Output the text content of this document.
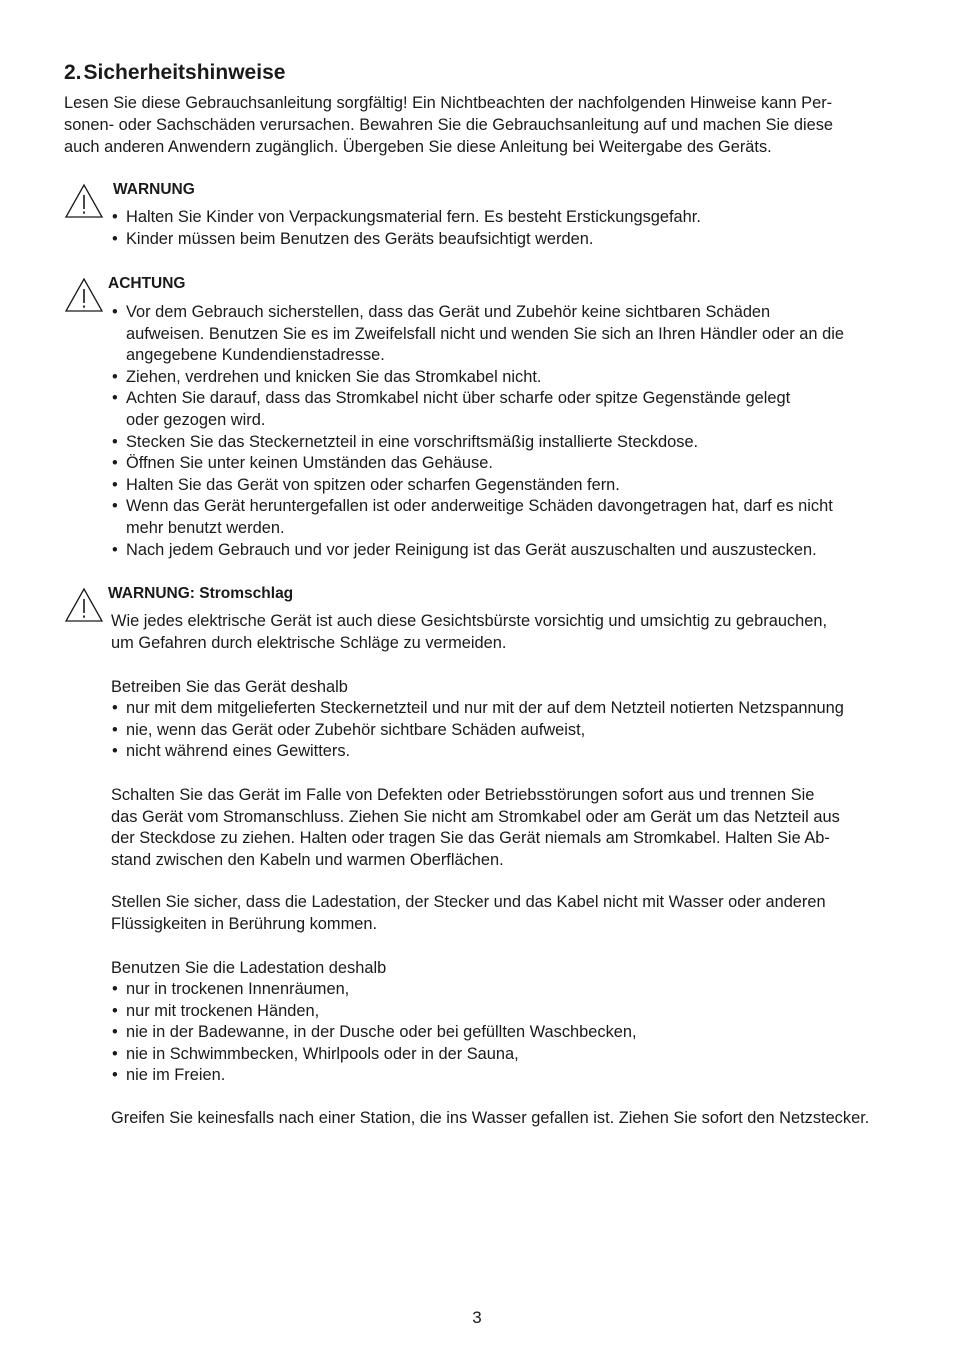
2.Sicherheitshinweise

Lesen Sie diese Gebrauchsanleitung sorgfältig! Ein Nichtbeachten der nachfolgenden Hinweise kann Per-
sonen- oder Sachschäden verursachen. Bewahren Sie die Gebrauchsanleitung auf und machen Sie diese
auch anderen Anwendern zugänglich. Übergeben Sie diese Anleitung bei Weitergabe des Geräts.

WARNUNG
• Halten Sie Kinder von Verpackungsmaterial fern. Es besteht Erstickungsgefahr.
• Kinder müssen beim Benutzen des Geräts beaufsichtigt werden.
ACHTUNG
• Vor dem Gebrauch sicherstellen, dass das Gerät und Zubehör keine sichtbaren Schäden
aufweisen. Benutzen Sie es im Zweifelsfall nicht und wenden Sie sich an Ihren Händler oder an die
angegebene Kundendienstadresse.
• Ziehen, verdrehen und knicken Sie das Stromkabel nicht.
• Achten Sie darauf, dass das Stromkabel nicht über scharfe oder spitze Gegenstände gelegt
oder gezogen wird.
• Stecken Sie das Steckernetzteil in eine vorschriftsmäßig installierte Steckdose.
• Öffnen Sie unter keinen Umständen das Gehäuse.
• Halten Sie das Gerät von spitzen oder scharfen Gegenständen fern.
• Wenn das Gerät heruntergefallen ist oder anderweitige Schäden davongetragen hat, darf es nicht
mehr benutzt werden.
• Nach jedem Gebrauch und vor jeder Reinigung ist das Gerät auszuschalten und auszustecken.
WARNUNG: Stromschlag

Wie jedes elektrische Gerät ist auch diese Gesichtsbürste vorsichtig und umsichtig zu gebrauchen,
um Gefahren durch elektrische Schläge zu vermeiden.

Betreiben Sie das Gerät deshalb

• nur mit dem mitgelieferten Steckernetzteil und nur mit der auf dem Netzteil notierten Netzspannung
• nie, wenn das Gerät oder Zubehör sichtbare Schäden aufweist,
• nicht während eines Gewitters.

Schalten Sie das Gerät im Falle von Defekten oder Betriebsstörungen sofort aus und trennen Sie
das Gerät vom Stromanschluss. Ziehen Sie nicht am Stromkabel oder am Gerät um das Netzteil aus
der Steckdose zu ziehen. Halten oder tragen Sie das Gerät niemals am Stromkabel. Halten Sie Ab-
stand zwischen den Kabeln und warmen Oberflächen.

Stellen Sie sicher, dass die Ladestation, der Stecker und das Kabel nicht mit Wasser oder anderen
Flüssigkeiten in Berührung kommen.

Benutzen Sie die Ladestation deshalb

• nur in trockenen Innenräumen,
• nur mit trockenen Händen,
• nie in der Badewanne, in der Dusche oder bei gefüllten Waschbecken,
• nie in Schwimmbecken, Whirlpools oder in der Sauna,
• nie im Freien.

Greifen Sie keinesfalls nach einer Station, die ins Wasser gefallen ist. Ziehen Sie sofort den Netzstecker.

3
